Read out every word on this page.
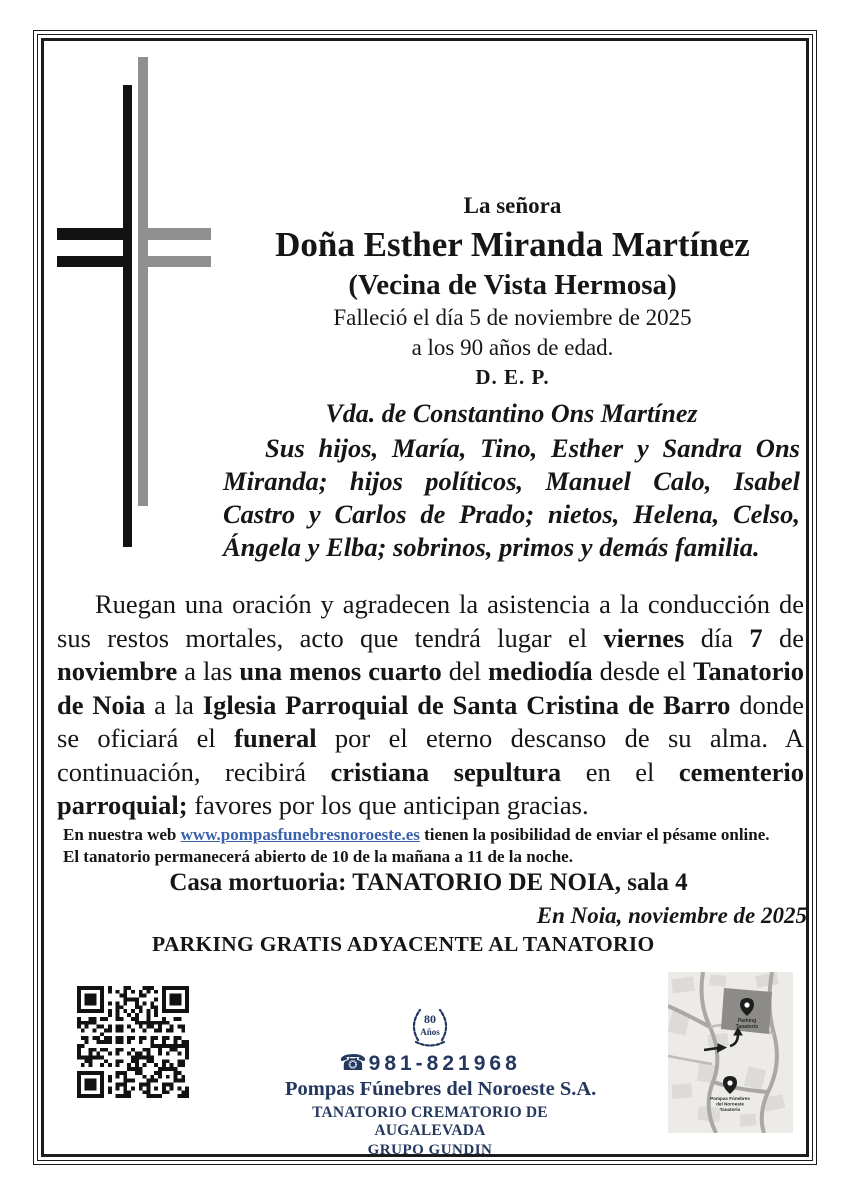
La señora
Doña Esther Miranda Martínez
(Vecina de Vista Hermosa)
Falleció el día 5 de noviembre de 2025
a los 90 años de edad.
D. E. P.
Vda. de Constantino Ons Martínez
Sus hijos, María, Tino, Esther y Sandra Ons Miranda; hijos políticos, Manuel Calo, Isabel Castro y Carlos de Prado; nietos, Helena, Celso, Ángela y Elba; sobrinos, primos y demás familia.
Ruegan una oración y agradecen la asistencia a la conducción de sus restos mortales, acto que tendrá lugar el viernes día 7 de noviembre a las una menos cuarto del mediodía desde el Tanatorio de Noia a la Iglesia Parroquial de Santa Cristina de Barro donde se oficiará el funeral por el eterno descanso de su alma. A continuación, recibirá cristiana sepultura en el cementerio parroquial; favores por los que anticipan gracias.
En nuestra web www.pompasfunebresnoroeste.es tienen la posibilidad de enviar el pésame online.
El tanatorio permanecerá abierto de 10 de la mañana a 11 de la noche.
Casa mortuoria: TANATORIO DE NOIA, sala 4
En Noia, noviembre de 2025
PARKING GRATIS ADYACENTE AL TANATORIO
80
Años
☎981-821968
Pompas Fúnebres del Noroeste S.A.
TANATORIO CREMATORIO DE AUGALEVADA
GRUPO GUNDIN
Parking
Tanatorio
Pompas Fúnebres
del Noroeste
Tanatorio
